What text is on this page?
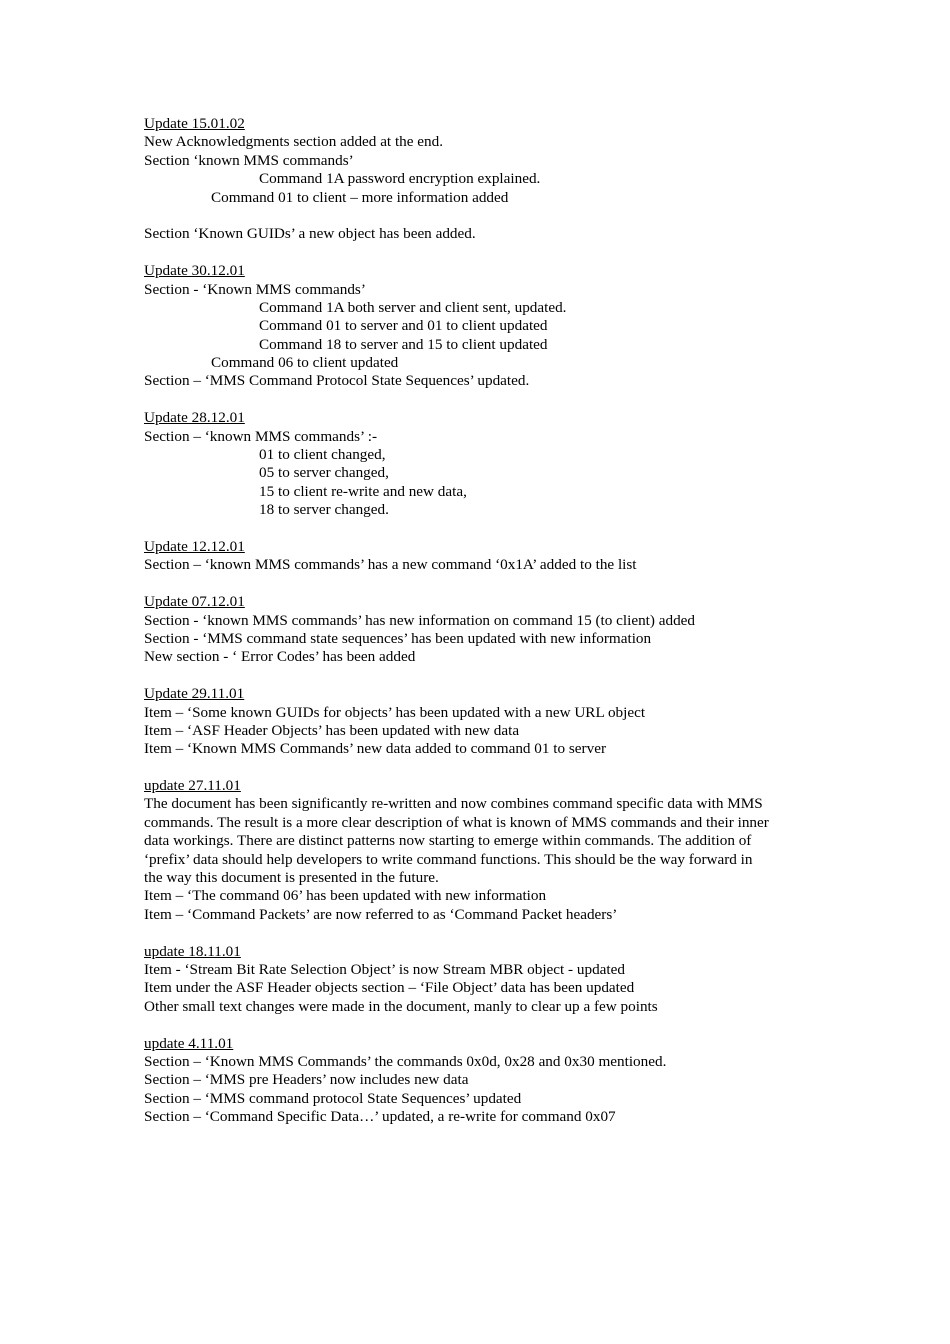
Update 15.01.02
New Acknowledgments section added at the end.
Section ‘known MMS commands’
Command 1A password encryption explained.
Command 01 to client – more information added
Section ‘Known GUIDs’ a new object has been added.
Update 30.12.01
Section - ‘Known MMS commands’
Command 1A both server and client sent, updated.
Command 01 to server and 01 to client updated
Command 18 to server and 15 to client updated
Command 06 to client updated
Section – ‘MMS Command Protocol State Sequences’ updated.
Update 28.12.01
Section – ‘known MMS commands’ :-
01 to client changed,
05 to server changed,
15 to client re-write and new data,
18 to server changed.
Update 12.12.01
Section – ‘known MMS commands’ has a new command ‘0x1A’ added to the list
Update 07.12.01
Section - ‘known MMS commands’ has new information on command 15 (to client) added
Section - ‘MMS command state sequences’ has been updated with new information
New section - ‘ Error Codes’ has been added
Update 29.11.01
Item – ‘Some known GUIDs for objects’ has been updated with a new URL object
Item – ‘ASF Header Objects’ has been updated with new data
Item – ‘Known MMS Commands’ new data added to command 01 to server
update 27.11.01
The document has been significantly re-written and now combines command specific data with MMS
commands. The result is a more clear description of what is known of MMS commands and their inner
data workings. There are distinct patterns now starting to emerge within commands. The addition of
‘prefix’ data should help developers to write command functions. This should be the way forward in
the way this document is presented in the future.
Item – ‘The command 06’ has been updated with new information
Item – ‘Command Packets’ are now referred to as ‘Command Packet headers’
update 18.11.01
Item - ‘Stream Bit Rate Selection Object’ is now Stream MBR object - updated
Item under the ASF Header objects section – ‘File Object’ data has been updated
Other small text changes were made in the document, manly to clear up a few points
update 4.11.01
Section – ‘Known MMS Commands’ the commands 0x0d, 0x28 and 0x30 mentioned.
Section – ‘MMS pre Headers’ now includes new data
Section – ‘MMS command protocol State Sequences’ updated
Section – ‘Command Specific Data…’ updated, a re-write for command 0x07
